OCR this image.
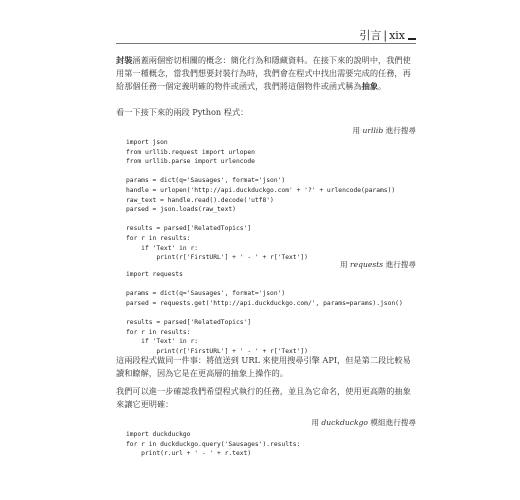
引言 | xix
封裝涵蓋兩個密切相關的概念：簡化行為和隱藏資料。在接下來的說明中，我們使用第一種概念，當我們想要封裝行為時，我們會在程式中找出需要完成的任務，再給那個任務一個定義明確的物件或函式，我們將這個物件或函式稱為抽象。
看一下接下來的兩段 Python 程式：
用 urllib 進行搜尋
import json
from urllib.request import urlopen
from urllib.parse import urlencode

params = dict(q='Sausages', format='json')
handle = urlopen('http://api.duckduckgo.com' + '?' + urlencode(params))
raw_text = handle.read().decode('utf8')
parsed = json.loads(raw_text)

results = parsed['RelatedTopics']
for r in results:
if 'Text' in r:
print(r['FirstURL'] + ' - ' + r['Text'])
用 requests 進行搜尋
import requests

params = dict(q='Sausages', format='json')
parsed = requests.get('http://api.duckduckgo.com/', params=params).json()

results = parsed['RelatedTopics']
for r in results:
if 'Text' in r:
print(r['FirstURL'] + ' - ' + r['Text'])
這兩段程式做同一件事：將值送到 URL 來使用搜尋引擎 API，但是第二段比較易讀和瞭解，因為它是在更高層的抽象上操作的。
我們可以進一步確認我們希望程式執行的任務，並且為它命名，使用更高階的抽象來讓它更明確：
用 duckduckgo 模組進行搜尋
import duckduckgo
for r in duckduckgo.query('Sausages').results:
print(r.url + ' - ' + r.text)
